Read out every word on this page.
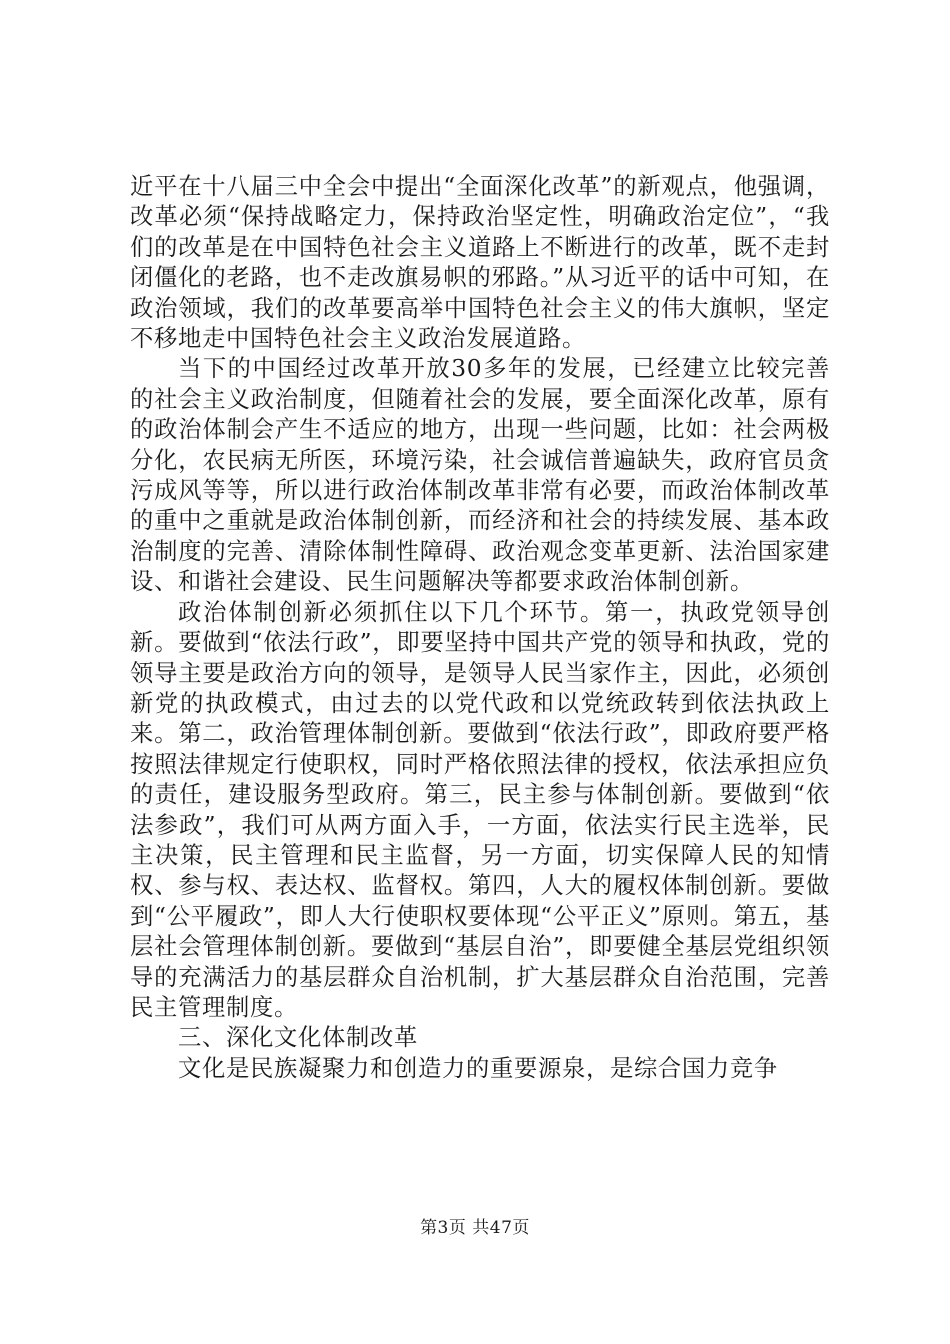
近平在十八届三中全会中提出“全面深化改革”的新观点，他强调，改革必须“保持战略定力，保持政治坚定性，明确政治定位”，“我们的改革是在中国特色社会主义道路上不断进行的改革，既不走封闭僵化的老路，也不走改旗易帜的邪路。”从习近平的话中可知，在政治领域，我们的改革要高举中国特色社会主义的伟大旗帜，坚定不移地走中国特色社会主义政治发展道路。

当下的中国经过改革开放30多年的发展，已经建立比较完善的社会主义政治制度，但随着社会的发展，要全面深化改革，原有的政治体制会产生不适应的地方，出现一些问题，比如：社会两极分化，农民病无所医，环境污染，社会诚信普遍缺失，政府官员贪污成风等等，所以进行政治体制改革非常有必要，而政治体制改革的重中之重就是政治体制创新，而经济和社会的持续发展、基本政治制度的完善、清除体制性障碍、政治观念变革更新、法治国家建设、和谐社会建设、民生问题解决等都要求政治体制创新。

政治体制创新必须抓住以下几个环节。第一，执政党领导创新。要做到“依法行政”，即要坚持中国共产党的领导和执政，党的领导主要是政治方向的领导，是领导人民当家作主，因此，必须创新党的执政模式，由过去的以党代政和以党统政转到依法执政上来。第二，政治管理体制创新。要做到“依法行政”，即政府要严格按照法律规定行使职权，同时严格依照法律的授权，依法承担应负的责任，建设服务型政府。第三，民主参与体制创新。要做到“依法参政”，我们可从两方面入手，一方面，依法实行民主选举，民主决策，民主管理和民主监督，另一方面，切实保障人民的知情权、参与权、表达权、监督权。第四，人大的履权体制创新。要做到“公平履政”，即人大行使职权要体现“公平正义”原则。第五，基层社会管理体制创新。要做到“基层自治”，即要健全基层党组织领导的充满活力的基层群众自治机制，扩大基层群众自治范围，完善民主管理制度。

三、深化文化体制改革

文化是民族凝聚力和创造力的重要源泉，是综合国力竞争

第3页 共47页
